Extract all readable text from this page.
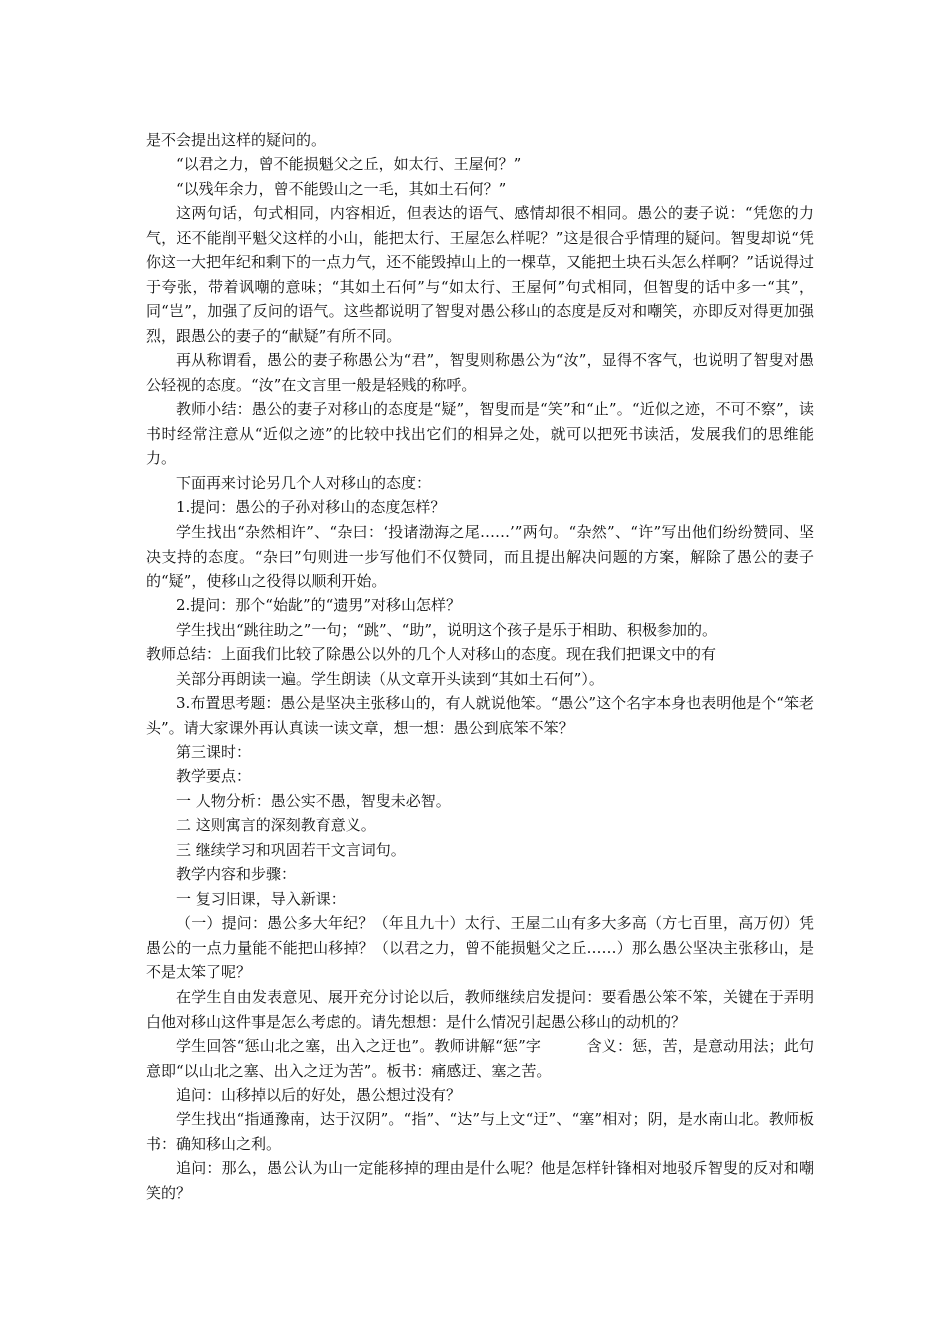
是不会提出这样的疑问的。

“以君之力，曾不能损魁父之丘，如太行、王屋何？”

“以残年余力，曾不能毁山之一毛，其如土石何？”

这两句话，句式相同，内容相近，但表达的语气、感情却很不相同。愚公的妻子说：“凭您的力气，还不能削平魁父这样的小山，能把太行、王屋怎么样呢？”这是很合乎情理的疑问。智叟却说“凭你这一大把年纪和剩下的一点力气，还不能毁掉山上的一棵草，又能把土块石头怎么样啊？”话说得过于夸张，带着讽嘲的意味；“其如土石何”与“如太行、王屋何”句式相同，但智叟的话中多一“其”，同“岂”，加强了反问的语气。这些都说明了智叟对愚公移山的态度是反对和嘲笑，亦即反对得更加强烈，跟愚公的妻子的“献疑”有所不同。

再从称谓看，愚公的妻子称愚公为“君”，智叟则称愚公为“汝”，显得不客气，也说明了智叟对愚公轻视的态度。“汝”在文言里一般是轻贱的称呼。

教师小结：愚公的妻子对移山的态度是“疑”，智叟而是“笑”和“止”。“近似之迹，不可不察”，读书时经常注意从“近似之迹”的比较中找出它们的相异之处，就可以把死书读活，发展我们的思维能力。

下面再来讨论另几个人对移山的态度：

1.提问：愚公的子孙对移山的态度怎样？

学生找出“杂然相许”、“杂曰：‘投诸渤海之尾……’”两句。“杂然”、“许”写出他们纷纷赞同、坚决支持的态度。“杂曰”句则进一步写他们不仅赞同，而且提出解决问题的方案，解除了愚公的妻子的“疑”，使移山之役得以顺利开始。

2.提问：那个“始龀”的“遗男”对移山怎样？

学生找出“跳往助之”一句；“跳”、“助”，说明这个孩子是乐于相助、积极参加的。

教师总结：上面我们比较了除愚公以外的几个人对移山的态度。现在我们把课文中的有

关部分再朗读一遍。学生朗读（从文章开头读到“其如土石何”）。

3.布置思考题：愚公是坚决主张移山的，有人就说他笨。“愚公”这个名字本身也表明他是个“笨老头”。请大家课外再认真读一读文章，想一想：愚公到底笨不笨？

第三课时：

教学要点：

一 人物分析：愚公实不愚，智叟未必智。

二 这则寓言的深刻教育意义。

三 继续学习和巩固若干文言词句。

教学内容和步骤：

一 复习旧课，导入新课：

（一）提问：愚公多大年纪？（年且九十）太行、王屋二山有多大多高（方七百里，高万仞）凭愚公的一点力量能不能把山移掉？（以君之力，曾不能损魁父之丘……）那么愚公坚决主张移山，是不是太笨了呢？

在学生自由发表意见、展开充分讨论以后，教师继续启发提问：要看愚公笨不笨，关键在于弄明白他对移山这件事是怎么考虑的。请先想想：是什么情况引起愚公移山的动机的？

学生回答“惩山北之塞，出入之迂也”。教师讲解“惩”字　　　含义：惩，苦，是意动用法；此句意即“以山北之塞、出入之迂为苦”。板书：痛感迂、塞之苦。

追问：山移掉以后的好处，愚公想过没有？

学生找出“指通豫南，达于汉阴”。“指”、“达”与上文“迂”、“塞”相对；阴，是水南山北。教师板书：确知移山之利。

追问：那么，愚公认为山一定能移掉的理由是什么呢？他是怎样针锋相对地驳斥智叟的反对和嘲笑的？
